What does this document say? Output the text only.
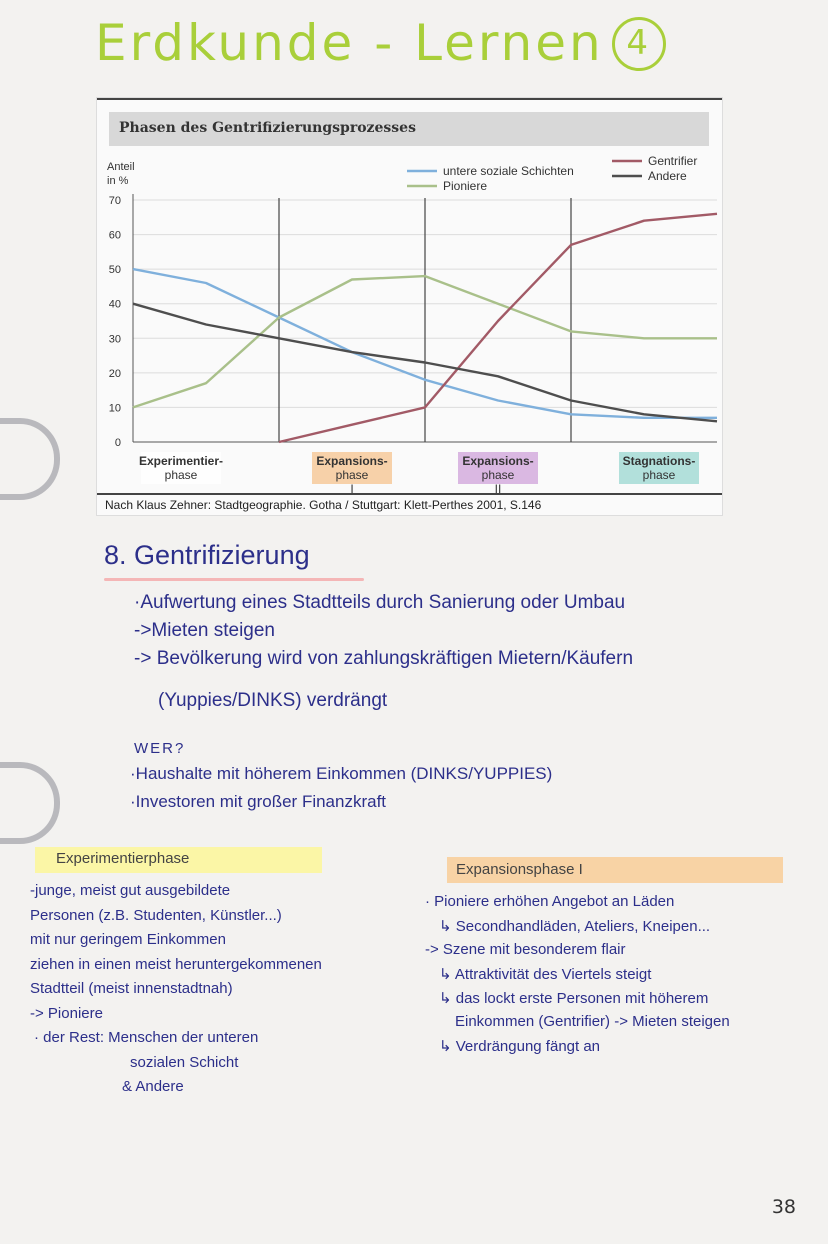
Erdkunde - Lernen 4
Phasen des Gentrifizierungsprozesses
0
10
20
30
40
50
60
70
Anteil
in %
Experimentier-
phase
Expansions-
phase
I
Expansions-
phase
II
Stagnations-
phase
untere soziale Schichten
Pioniere
Gentrifier
Andere
Nach Klaus Zehner: Stadtgeographie. Gotha / Stuttgart: Klett-Perthes 2001, S.146
8. Gentrifizierung
·Aufwertung eines Stadtteils durch Sanierung oder Umbau
->Mieten steigen
-> Bevölkerung wird von zahlungskräftigen Mietern/Käufern
(Yuppies/DINKS) verdrängt
WER?
·Haushalte mit höherem Einkommen (DINKS/YUPPIES)
·Investoren mit großer Finanzkraft
Experimentierphase
-junge, meist gut ausgebildete
Personen (z.B. Studenten, Künstler...)
mit nur geringem Einkommen
ziehen in einen meist heruntergekommenen
Stadtteil (meist innenstadtnah)
-> Pioniere
· der Rest: Menschen der unteren
sozialen Schicht
& Andere
Expansionsphase I
· Pioniere erhöhen Angebot an Läden
↳ Secondhandläden, Ateliers, Kneipen...
-> Szene mit besonderem flair
↳ Attraktivität des Viertels steigt
↳ das lockt erste Personen mit höherem
Einkommen (Gentrifier) -> Mieten steigen
↳ Verdrängung fängt an
38
